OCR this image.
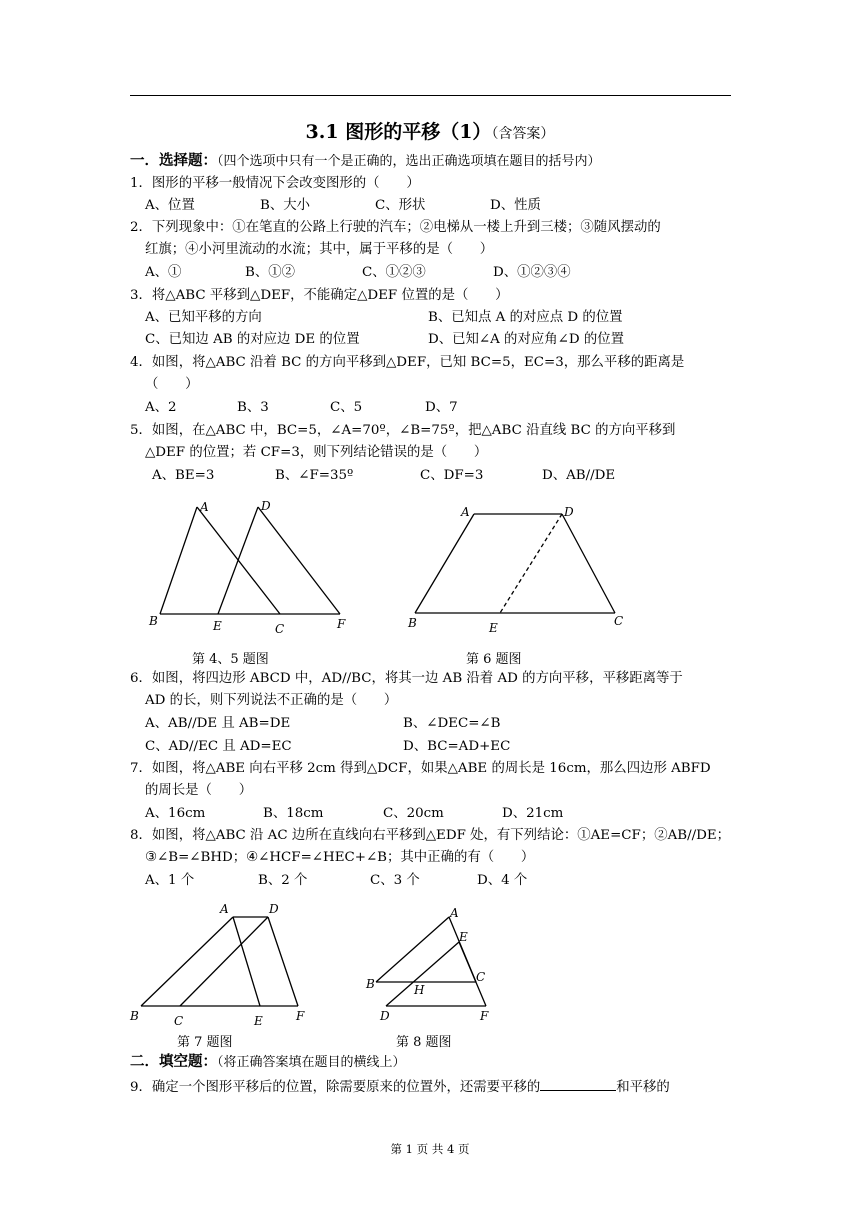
3.1 图形的平移（1）（含答案）
一．选择题：（四个选项中只有一个是正确的，选出正确选项填在题目的括号内）
1．图形的平移一般情况下会改变图形的（　　）
A、位置	B、大小	C、形状	D、性质
2．下列现象中：①在笔直的公路上行驶的汽车；②电梯从一楼上升到三楼；③随风摆动的
红旗；④小河里流动的水流；其中，属于平移的是（　　）
A、①	B、①②	C、①②③	D、①②③④
3．将△ABC 平移到△DEF，不能确定△DEF 位置的是（　　）
A、已知平移的方向	B、已知点 A 的对应点 D 的位置
C、已知边 AB 的对应边 DE 的位置	D、已知∠A 的对应角∠D 的位置
4．如图，将△ABC 沿着 BC 的方向平移到△DEF，已知 BC=5，EC=3，那么平移的距离是
（　　）
A、2	B、3	C、5	D、7
5．如图，在△ABC 中，BC=5，∠A=70º，∠B=75º，把△ABC 沿直线 BC 的方向平移到
△DEF 的位置；若 CF=3，则下列结论错误的是（　　）
A、BE=3	B、∠F=35º	C、DF=3	D、AB//DE
A	D
B	E	C	F
A	D
B	E	C
A	D
B	C	E	F
A
E
C
B	H
D	F
第 4、5 题图	第 6 题图
6．如图，将四边形 ABCD 中，AD//BC，将其一边 AB 沿着 AD 的方向平移，平移距离等于
AD 的长，则下列说法不正确的是（　　）
A、AB//DE 且 AB=DE	B、∠DEC=∠B
C、AD//EC 且 AD=EC	D、BC=AD+EC
7．如图，将△ABE 向右平移 2cm 得到△DCF，如果△ABE 的周长是 16cm，那么四边形 ABFD
的周长是（　　）
A、16cm	B、18cm	C、20cm	D、21cm
8．如图，将△ABC 沿 AC 边所在直线向右平移到△EDF 处，有下列结论：①AE=CF；②AB//DE；
③∠B=∠BHD；④∠HCF=∠HEC+∠B；其中正确的有（　　）
A、1 个	B、2 个	C、3 个	D、4 个
第 7 题图	第 8 题图
二．填空题：（将正确答案填在题目的横线上）
9．确定一个图形平移后的位置，除需要原来的位置外，还需要平移的	和平移的
第 1 页 共 4 页
